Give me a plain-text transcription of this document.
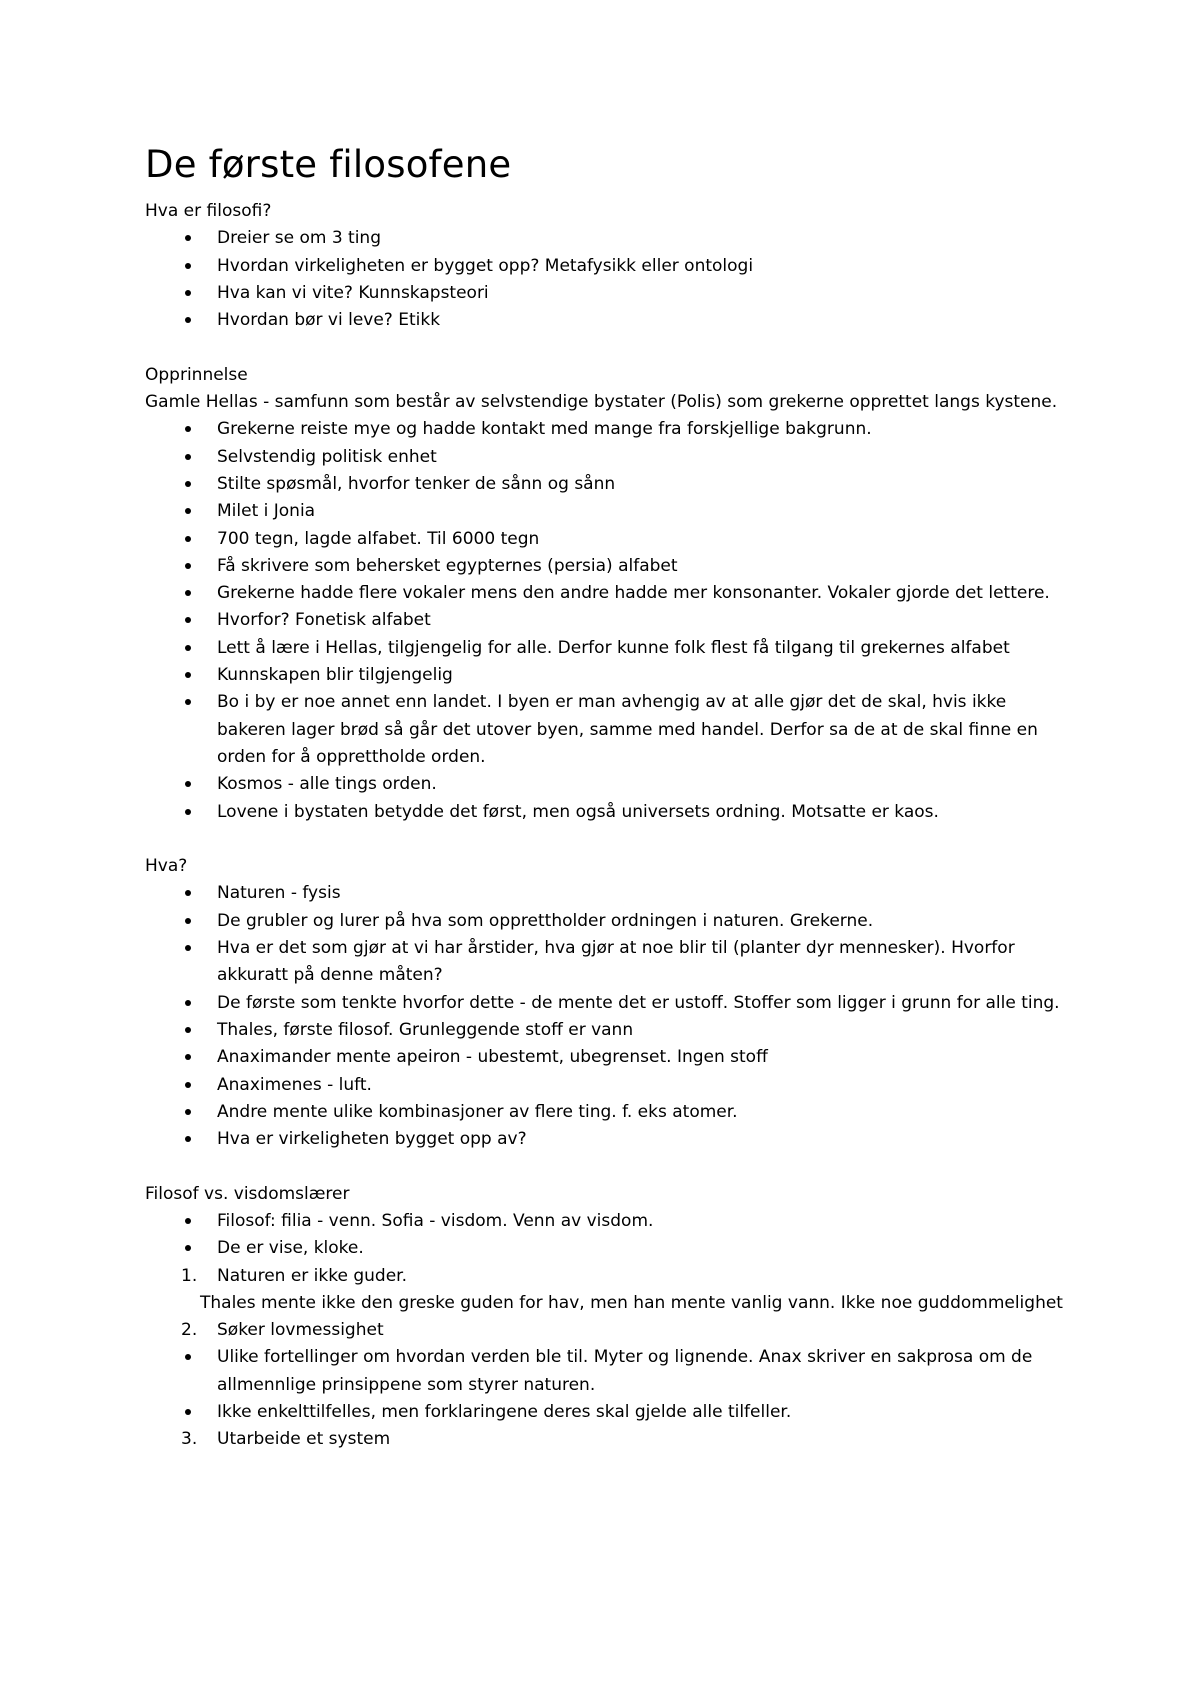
De første filosofene

Hva er filosofi?

Dreier se om 3 ting
Hvordan virkeligheten er bygget opp? Metafysikk eller ontologi
Hva kan vi vite? Kunnskapsteori
Hvordan bør vi leve? Etikk

Opprinnelse

Gamle Hellas - samfunn som består av selvstendige bystater (Polis) som grekerne opprettet langs kystene.

Grekerne reiste mye og hadde kontakt med mange fra forskjellige bakgrunn.
Selvstendig politisk enhet
Stilte spøsmål, hvorfor tenker de sånn og sånn
Milet i Jonia
700 tegn, lagde alfabet. Til 6000 tegn
Få skrivere som behersket egypternes (persia) alfabet
Grekerne hadde flere vokaler mens den andre hadde mer konsonanter. Vokaler gjorde det lettere.
Hvorfor? Fonetisk alfabet
Lett å lære i Hellas, tilgjengelig for alle. Derfor kunne folk flest få tilgang til grekernes alfabet
Kunnskapen blir tilgjengelig
Bo i by er noe annet enn landet. I byen er man avhengig av at alle gjør det de skal, hvis ikke bakeren lager brød så går det utover byen, samme med handel. Derfor sa de at de skal finne en orden for å opprettholde orden.
Kosmos - alle tings orden.
Lovene i bystaten betydde det først, men også universets ordning. Motsatte er kaos.

Hva?

Naturen - fysis
De grubler og lurer på hva som opprettholder ordningen i naturen. Grekerne.
Hva er det som gjør at vi har årstider, hva gjør at noe blir til (planter dyr mennesker). Hvorfor akkuratt på denne måten?
De første som tenkte hvorfor dette - de mente det er ustoff. Stoffer som ligger i grunn for alle ting.
Thales, første filosof. Grunleggende stoff er vann
Anaximander mente apeiron - ubestemt, ubegrenset. Ingen stoff
Anaximenes - luft.
Andre mente ulike kombinasjoner av flere ting. f. eks atomer.
Hva er virkeligheten bygget opp av?

Filosof vs. visdomslærer

Filosof: filia - venn. Sofia - visdom. Venn av visdom.
De er vise, kloke.
1. Naturen er ikke guder.
Thales mente ikke den greske guden for hav, men han mente vanlig vann. Ikke noe guddommelighet
2. Søker lovmessighet
Ulike fortellinger om hvordan verden ble til. Myter og lignende. Anax skriver en sakprosa om de allmennlige prinsippene som styrer naturen.
Ikke enkelttilfelles, men forklaringene deres skal gjelde alle tilfeller.
3. Utarbeide et system
